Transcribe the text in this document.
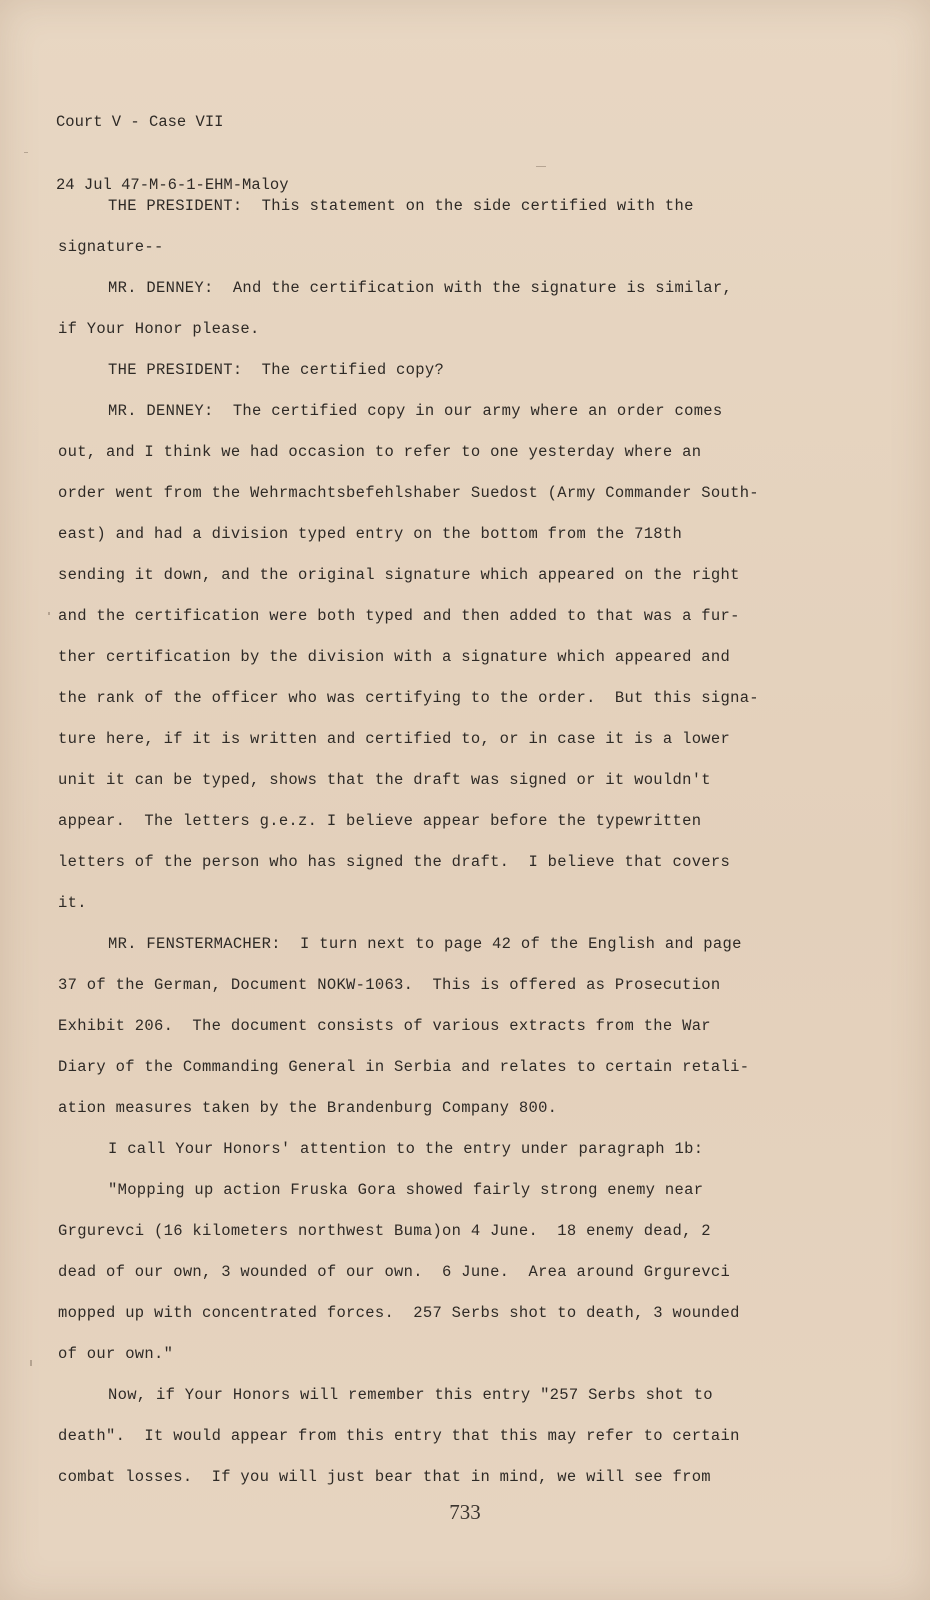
Court V - Case VII

24 Jul 47-M-6-1-EHM-Maloy

THE PRESIDENT:  This statement on the side certified with the
signature--
MR. DENNEY:  And the certification with the signature is similar,
if Your Honor please.
THE PRESIDENT:  The certified copy?
MR. DENNEY:  The certified copy in our army where an order comes
out, and I think we had occasion to refer to one yesterday where an
order went from the Wehrmachtsbefehlshaber Suedost (Army Commander South-
east) and had a division typed entry on the bottom from the 718th
sending it down, and the original signature which appeared on the right
and the certification were both typed and then added to that was a fur-
ther certification by the division with a signature which appeared and
the rank of the officer who was certifying to the order.  But this signa-
ture here, if it is written and certified to, or in case it is a lower
unit it can be typed, shows that the draft was signed or it wouldn't
appear.  The letters g.e.z. I believe appear before the typewritten
letters of the person who has signed the draft.  I believe that covers
it.
MR. FENSTERMACHER:  I turn next to page 42 of the English and page
37 of the German, Document NOKW-1063.  This is offered as Prosecution
Exhibit 206.  The document consists of various extracts from the War
Diary of the Commanding General in Serbia and relates to certain retali-
ation measures taken by the Brandenburg Company 800.
I call Your Honors' attention to the entry under paragraph 1b:
"Mopping up action Fruska Gora showed fairly strong enemy near
Grgurevci (16 kilometers northwest Buma)on 4 June.  18 enemy dead, 2
dead of our own, 3 wounded of our own.  6 June.  Area around Grgurevci
mopped up with concentrated forces.  257 Serbs shot to death, 3 wounded
of our own."
Now, if Your Honors will remember this entry "257 Serbs shot to
death".  It would appear from this entry that this may refer to certain
combat losses.  If you will just bear that in mind, we will see from
733
